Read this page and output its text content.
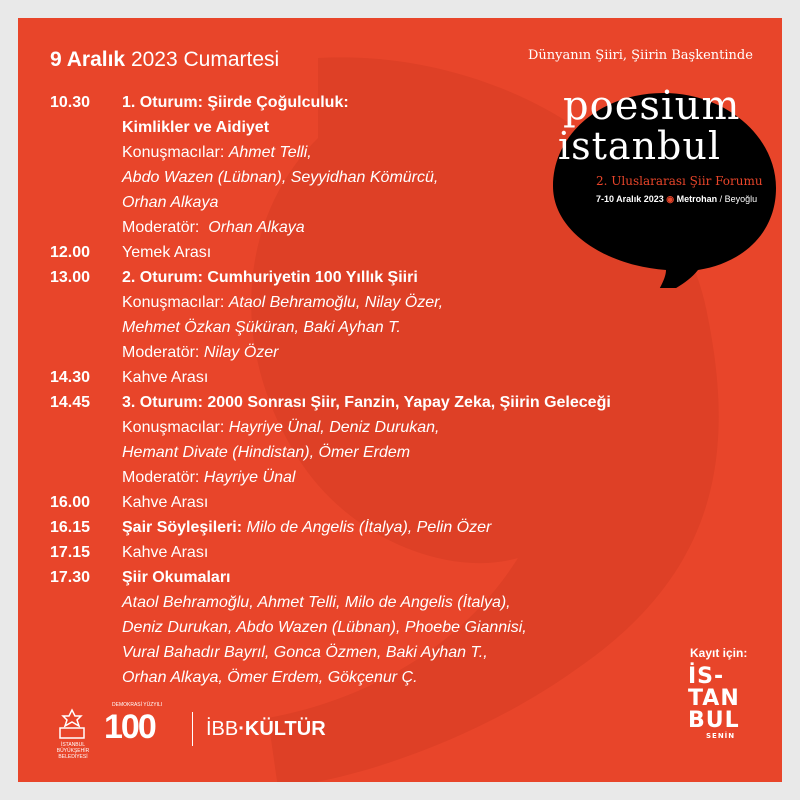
9 Aralık 2023 Cumartesi	Dünyanın Şiiri, Şiirin Başkentinde
poesium
istanbul
2. Uluslararası Şiir Forumu
7-10 Aralık 2023 ◉ Metrohan / Beyoğlu
10.30	1. Oturum: Şiirde Çoğulculuk:
Kimlikler ve Aidiyet
Konuşmacılar: Ahmet Telli,
Abdo Wazen (Lübnan), Seyyidhan Kömürcü,
Orhan Alkaya
Moderatör: Orhan Alkaya
12.00	Yemek Arası
13.00	2. Oturum: Cumhuriyetin 100 Yıllık Şiiri
Konuşmacılar: Ataol Behramoğlu, Nilay Özer,
Mehmet Özkan Şüküran, Baki Ayhan T.
Moderatör: Nilay Özer
14.30	Kahve Arası
14.45	3. Oturum: 2000 Sonrası Şiir, Fanzin, Yapay Zeka, Şiirin Geleceği
Konuşmacılar: Hayriye Ünal, Deniz Durukan,
Hemant Divate (Hindistan), Ömer Erdem
Moderatör: Hayriye Ünal
16.00	Kahve Arası
16.15	Şair Söyleşileri: Milo de Angelis (İtalya), Pelin Özer
17.15	Kahve Arası
17.30	Şiir Okumaları
Ataol Behramoğlu, Ahmet Telli, Milo de Angelis (İtalya),
Deniz Durukan, Abdo Wazen (Lübnan), Phoebe Giannisi,
Vural Bahadır Bayrıl, Gonca Özmen, Baki Ayhan T.,
Orhan Alkaya, Ömer Erdem, Gökçenur Ç.
Kayıt için:
İS-
TAN
BUL
SENİN
İSTANBUL BÜYÜKŞEHİR BELEDİYESİ
100
DEMOKRASİ YÜZYILI
İBB·KÜLTÜR
